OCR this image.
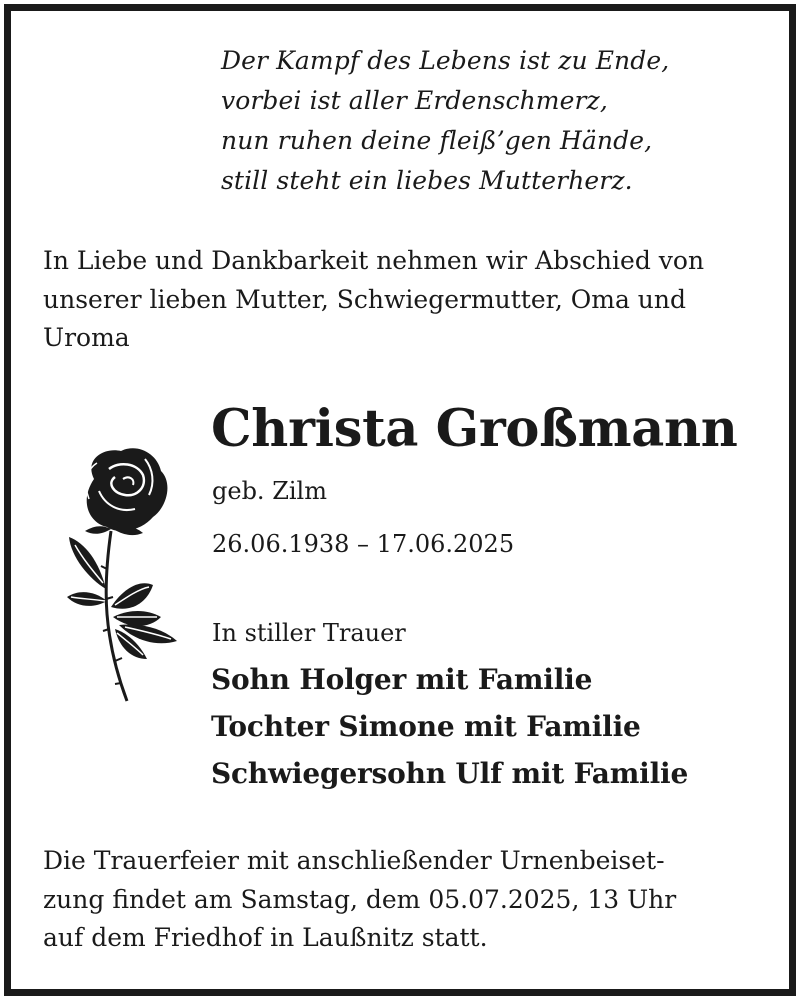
Der Kampf des Lebens ist zu Ende,
vorbei ist aller Erdenschmerz,
nun ruhen deine fleiß’gen Hände,
still steht ein liebes Mutterherz.
In Liebe und Dankbarkeit nehmen wir Abschied von unserer lieben Mutter, Schwiegermutter, Oma und Uroma
Christa Großmann
geb. Zilm
26.06.1938 – 17.06.2025
In stiller Trauer
Sohn Holger mit Familie
Tochter Simone mit Familie
Schwiegersohn Ulf mit Familie
Die Trauerfeier mit anschließender Urnenbeiset-
zung findet am Samstag, dem 05.07.2025, 13 Uhr
auf dem Friedhof in Laußnitz statt.
